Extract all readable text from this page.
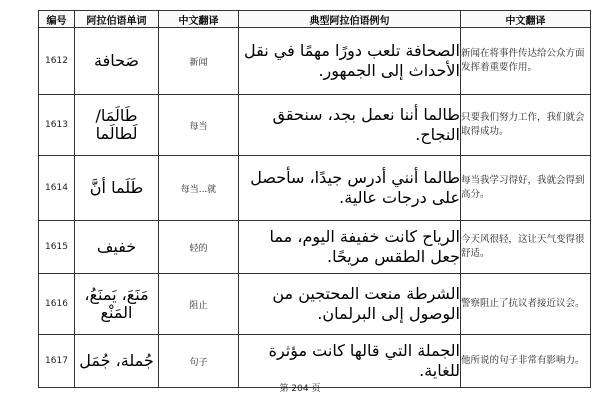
编号	阿拉伯语单词	中文翻译	典型阿拉伯语例句	中文翻译
1612	صَحافة	新闻	الصحافة تلعب دورًا مهمًا في نقل الأحداث إلى الجمهور.	新闻在将事件传达给公众方面发挥着重要作用。
1613	طَالَمَا/لَطالَما	每当	طالما أننا نعمل بجد، سنحقق النجاح.	只要我们努力工作，我们就会取得成功。
1614	طَلَما أنَّ	每当...就	طالما أنني أدرس جيدًا، سأحصل على درجات عالية.	每当我学习得好，我就会得到高分。
1615	خفيف	轻的	الرياح كانت خفيفة اليوم، مما جعل الطقس مريحًا.	今天风很轻，这让天气变得很舒适。
1616	مَنَعَ، يَمنَعُ، المَنْع	阻止	الشرطة منعت المحتجين من الوصول إلى البرلمان.	警察阻止了抗议者接近议会。
1617	جُملة، جُمَل	句子	الجملة التي قالها كانت مؤثرة للغاية.	他所说的句子非常有影响力。
第 204 页
